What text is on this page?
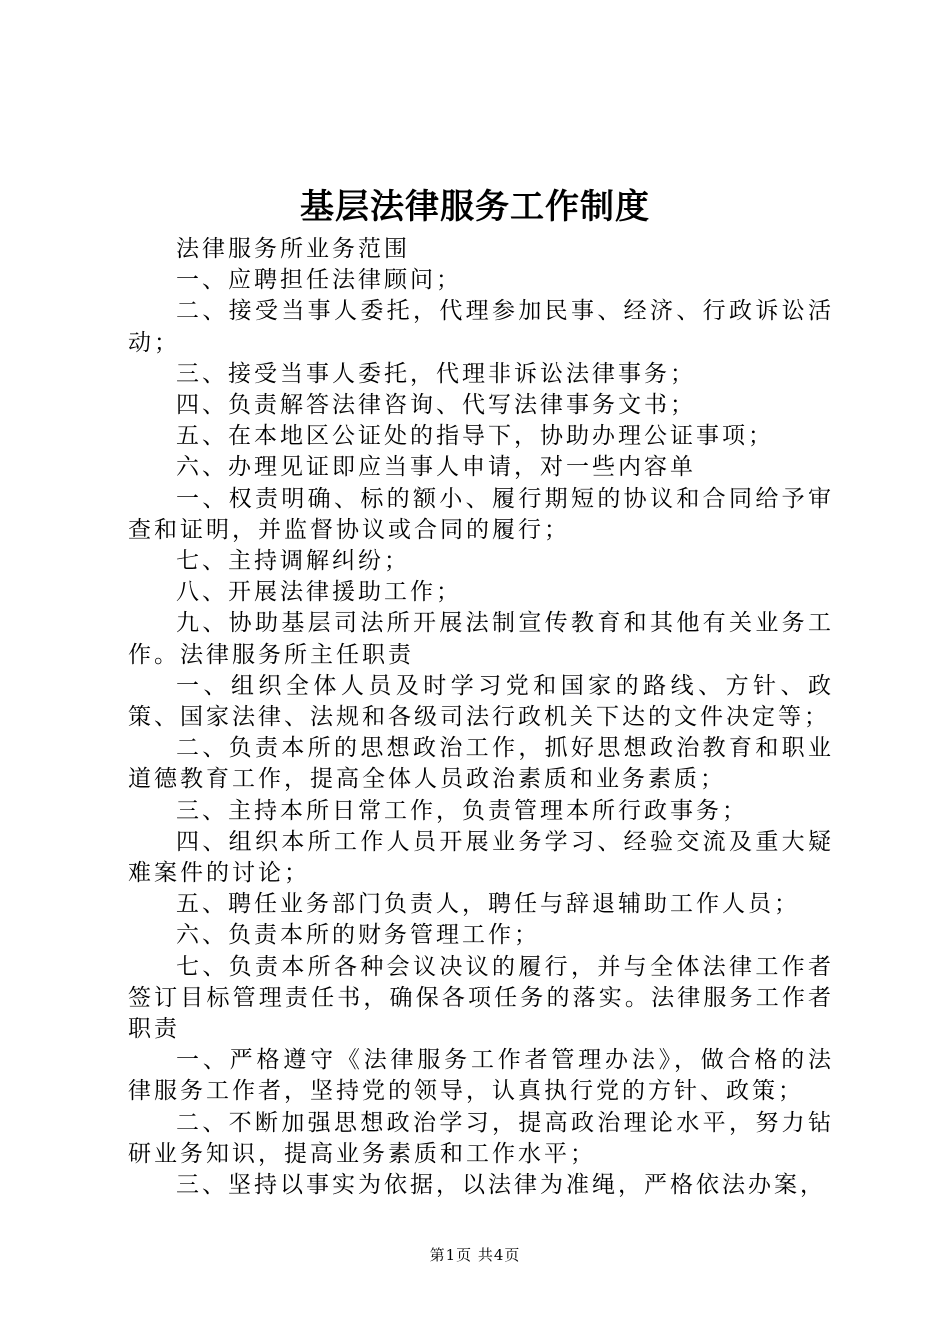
基层法律服务工作制度

法律服务所业务范围

一、应聘担任法律顾问；

二、接受当事人委托，代理参加民事、经济、行政诉讼活动；

三、接受当事人委托，代理非诉讼法律事务；

四、负责解答法律咨询、代写法律事务文书；

五、在本地区公证处的指导下，协助办理公证事项；

六、办理见证即应当事人申请，对一些内容单

一、权责明确、标的额小、履行期短的协议和合同给予审查和证明，并监督协议或合同的履行；

七、主持调解纠纷；

八、开展法律援助工作；

九、协助基层司法所开展法制宣传教育和其他有关业务工作。法律服务所主任职责

一、组织全体人员及时学习党和国家的路线、方针、政策、国家法律、法规和各级司法行政机关下达的文件决定等；

二、负责本所的思想政治工作，抓好思想政治教育和职业道德教育工作，提高全体人员政治素质和业务素质；

三、主持本所日常工作，负责管理本所行政事务；

四、组织本所工作人员开展业务学习、经验交流及重大疑难案件的讨论；

五、聘任业务部门负责人，聘任与辞退辅助工作人员；

六、负责本所的财务管理工作；

七、负责本所各种会议决议的履行，并与全体法律工作者签订目标管理责任书，确保各项任务的落实。法律服务工作者职责

一、严格遵守《法律服务工作者管理办法》，做合格的法律服务工作者，坚持党的领导，认真执行党的方针、政策；

二、不断加强思想政治学习，提高政治理论水平，努力钻研业务知识，提高业务素质和工作水平；

三、坚持以事实为依据，以法律为准绳，严格依法办案，

第1页 共4页
